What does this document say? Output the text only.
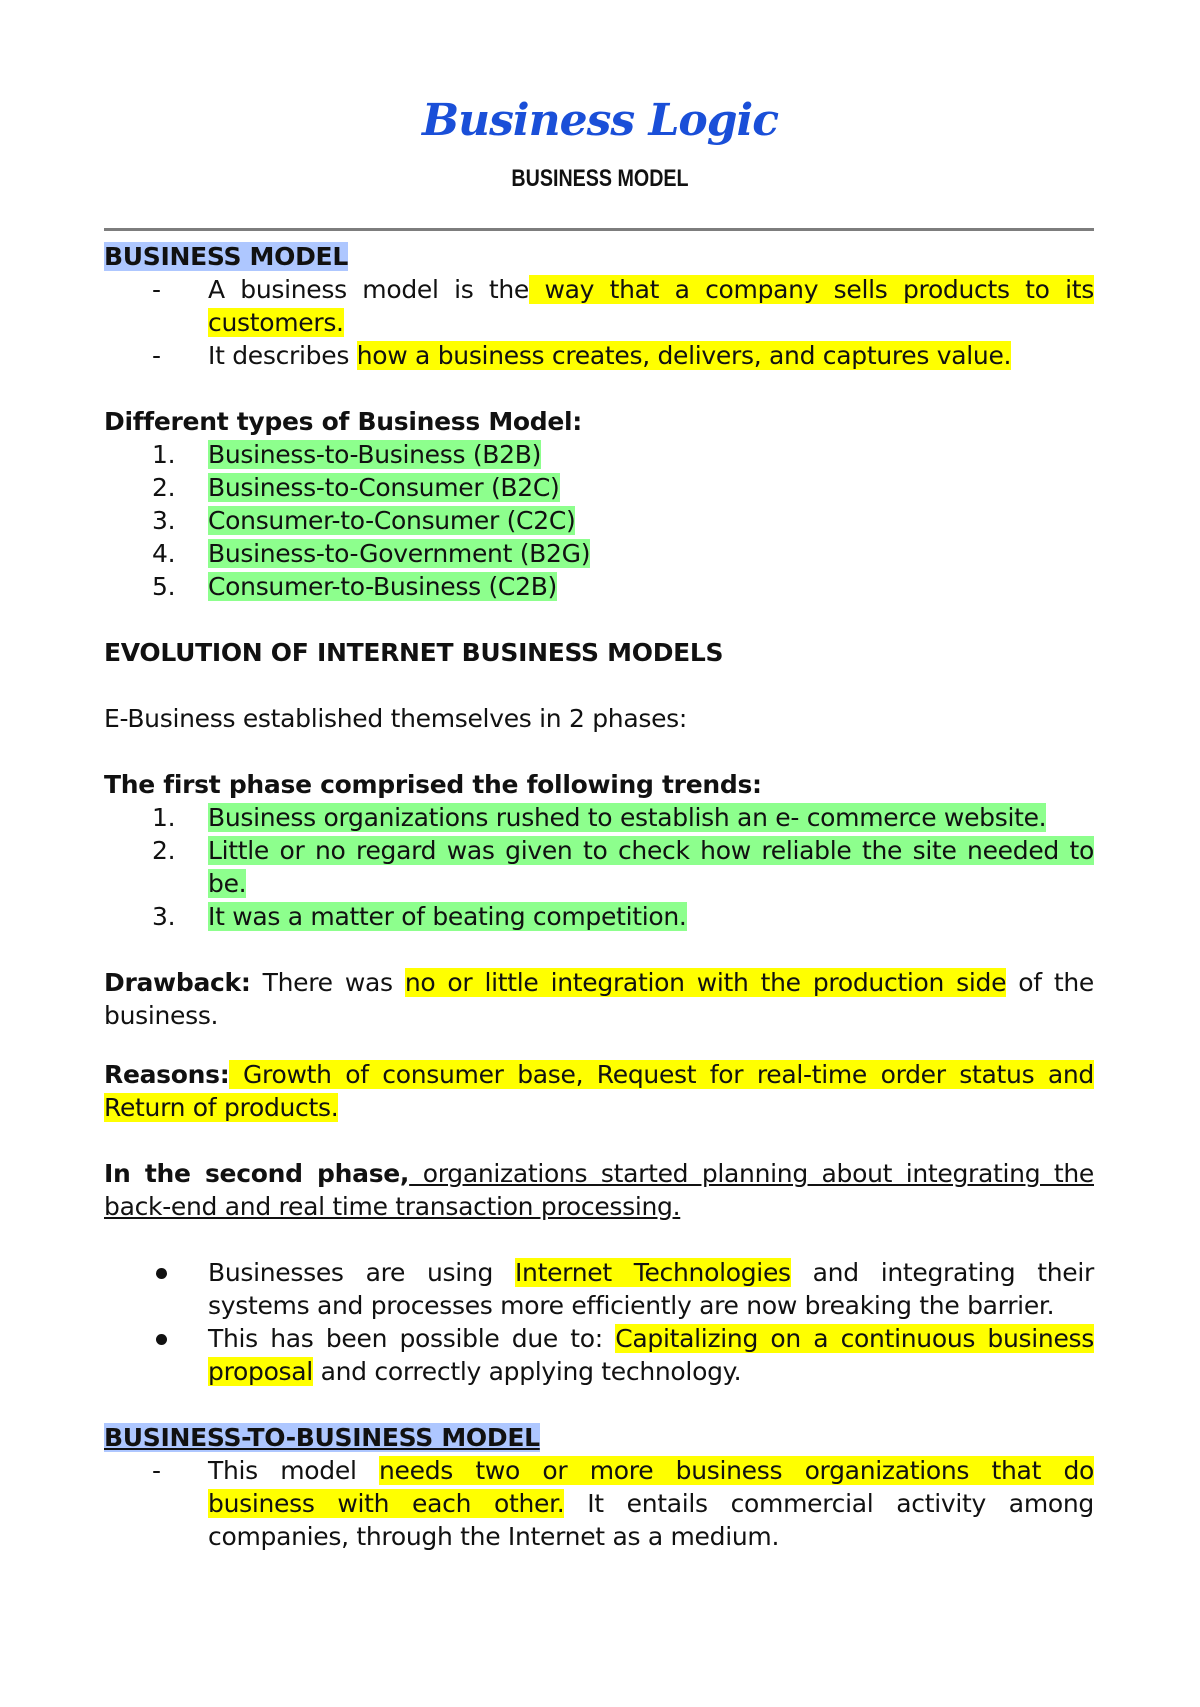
Business Logic
BUSINESS MODEL
BUSINESS MODEL
- A business model is the way that a company sells products to its
customers.
- It describes how a business creates, delivers, and captures value.
Different types of Business Model:
1. Business-to-Business (B2B)
2. Business-to-Consumer (B2C)
3. Consumer-to-Consumer (C2C)
4. Business-to-Government (B2G)
5. Consumer-to-Business (C2B)
EVOLUTION OF INTERNET BUSINESS MODELS
E-Business established themselves in 2 phases:
The first phase comprised the following trends:
1. Business organizations rushed to establish an e- commerce website.
2. Little or no regard was given to check how reliable the site needed to
be.
3. It was a matter of beating competition.
Drawback: There was no or little integration with the production side of the
business.
Reasons: Growth of consumer base, Request for real-time order status and
Return of products.
In the second phase, organizations started planning about integrating the
back-end and real time transaction processing.
Businesses are using Internet Technologies and integrating their
systems and processes more efficiently are now breaking the barrier.
This has been possible due to: Capitalizing on a continuous business
proposal and correctly applying technology.
BUSINESS-TO-BUSINESS MODEL
- This model needs two or more business organizations that do
business with each other. It entails commercial activity among
companies, through the Internet as a medium.
